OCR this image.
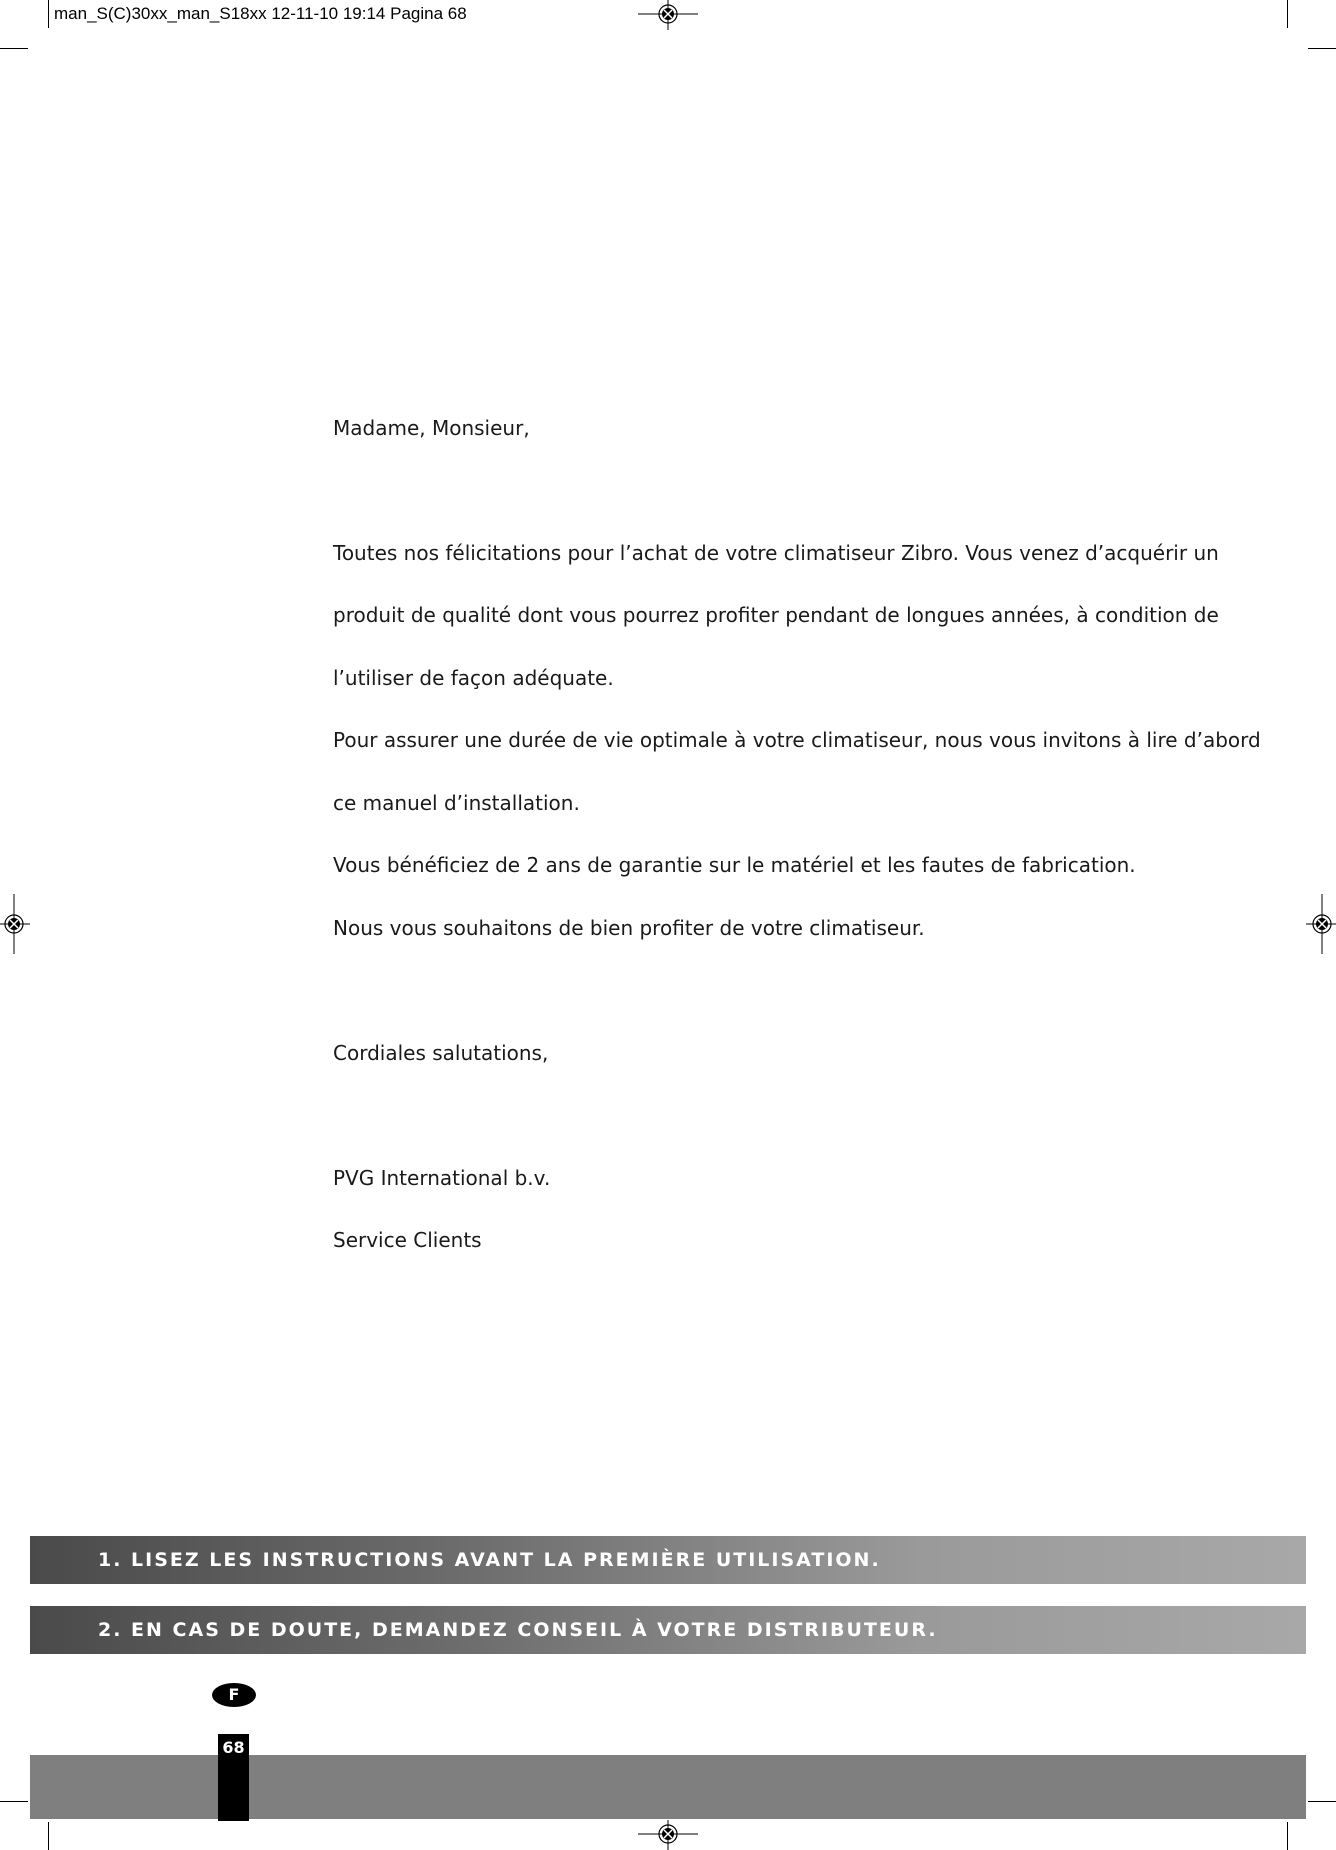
man_S(C)30xx_man_S18xx 12-11-10 19:14 Pagina 68

Madame, Monsieur,

Toutes nos félicitations pour l’achat de votre climatiseur Zibro. Vous venez d’acquérir un

produit de qualité dont vous pourrez profiter pendant de longues années, à condition de

l’utiliser de façon adéquate.

Pour assurer une durée de vie optimale à votre climatiseur, nous vous invitons à lire d’abord

ce manuel d’installation.

Vous bénéficiez de 2 ans de garantie sur le matériel et les fautes de fabrication.

Nous vous souhaitons de bien profiter de votre climatiseur.

Cordiales salutations,

PVG International b.v.

Service Clients

1. LISEZ LES INSTRUCTIONS AVANT LA PREMIÈRE UTILISATION.
2. EN CAS DE DOUTE, DEMANDEZ CONSEIL À VOTRE DISTRIBUTEUR.
F
68
